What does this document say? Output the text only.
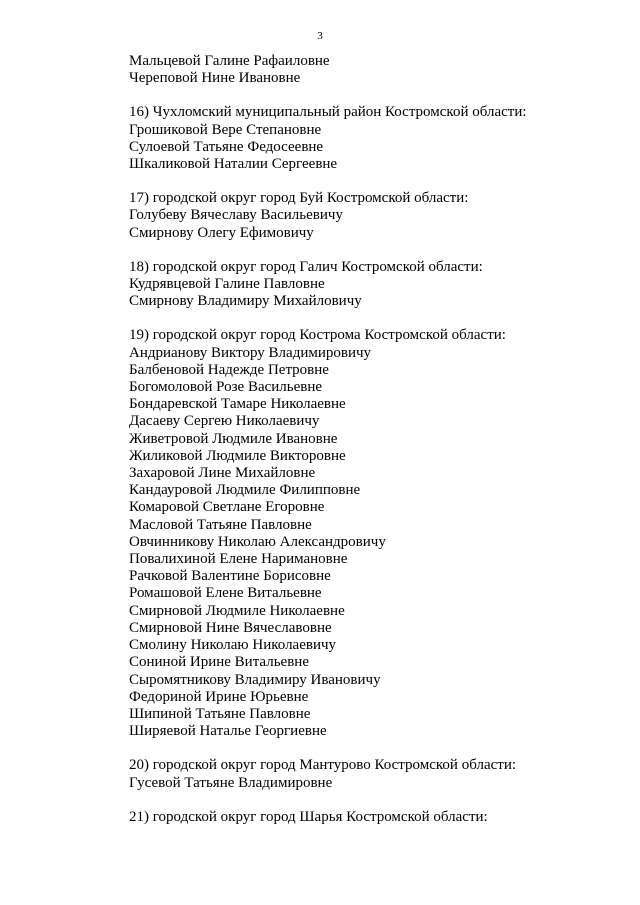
3
Мальцевой Галине Рафаиловне
Череповой Нине Ивановне
16) Чухломский муниципальный район Костромской области:
Грошиковой Вере Степановне
Сулоевой Татьяне Федосеевне
Шкаликовой Наталии Сергеевне
17) городской округ город Буй Костромской области:
Голубеву Вячеславу Васильевичу
Смирнову Олегу Ефимовичу
18) городской округ город Галич Костромской области:
Кудрявцевой Галине Павловне
Смирнову Владимиру Михайловичу
19) городской округ город Кострома Костромской области:
Андрианову Виктору Владимировичу
Балбеновой Надежде Петровне
Богомоловой Розе Васильевне
Бондаревской Тамаре Николаевне
Дасаеву Сергею Николаевичу
Живетровой Людмиле Ивановне
Жиликовой Людмиле Викторовне
Захаровой Лине Михайловне
Кандауровой Людмиле Филипповне
Комаровой Светлане Егоровне
Масловой Татьяне Павловне
Овчинникову Николаю Александровичу
Повалихиной Елене Наримановне
Рачковой Валентине Борисовне
Ромашовой Елене Витальевне
Смирновой Людмиле Николаевне
Смирновой Нине Вячеславовне
Смолину Николаю Николаевичу
Сониной Ирине Витальевне
Сыромятникову Владимиру Ивановичу
Федориной Ирине Юрьевне
Шипиной Татьяне Павловне
Ширяевой Наталье Георгиевне
20) городской округ город Мантурово Костромской области:
Гусевой Татьяне Владимировне
21) городской округ город Шарья Костромской области:
